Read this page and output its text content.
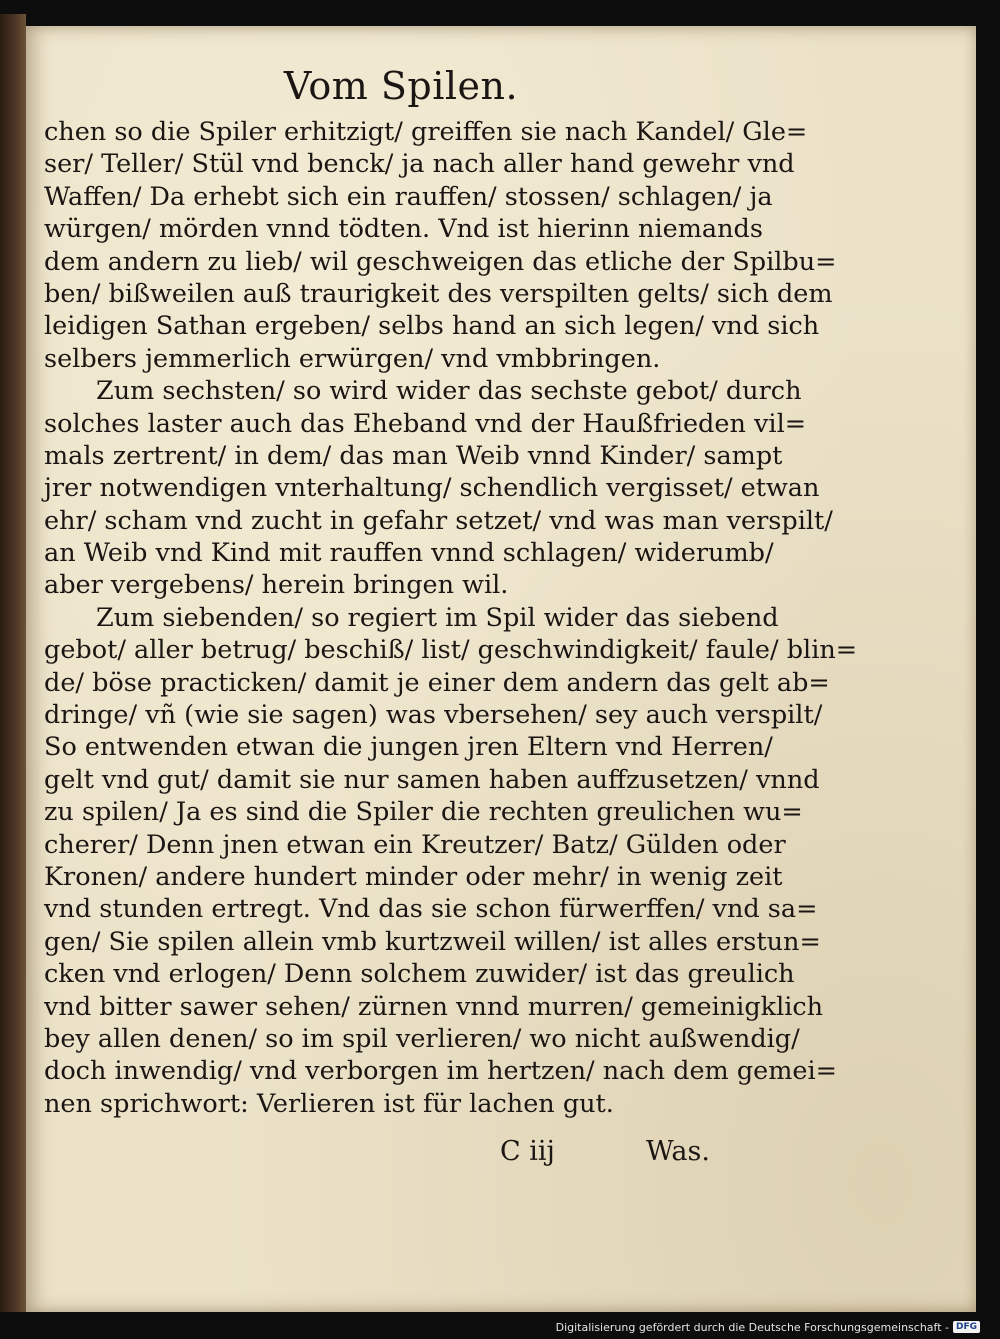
Vom Spilen.
chen so die Spiler erhitzigt/ greiffen sie nach Kandel/ Gle=
ser/ Teller/ Stül vnd benck/ ja nach aller hand gewehr vnd
Waffen/ Da erhebt sich ein rauffen/ stossen/ schlagen/ ja
würgen/ mörden vnnd tödten. Vnd ist hierinn niemands
dem andern zu lieb/ wil geschweigen das etliche der Spilbu=
ben/ bißweilen auß traurigkeit des verspilten gelts/ sich dem
leidigen Sathan ergeben/ selbs hand an sich legen/ vnd sich
selbers jemmerlich erwürgen/ vnd vmbbringen.
Zum sechsten/ so wird wider das sechste gebot/ durch
solches laster auch das Eheband vnd der Haußfrieden vil=
mals zertrent/ in dem/ das man Weib vnnd Kinder/ sampt
jrer notwendigen vnterhaltung/ schendlich vergisset/ etwan
ehr/ scham vnd zucht in gefahr setzet/ vnd was man verspilt/
an Weib vnd Kind mit rauffen vnnd schlagen/ widerumb/
aber vergebens/ herein bringen wil.
Zum siebenden/ so regiert im Spil wider das siebend
gebot/ aller betrug/ beschiß/ list/ geschwindigkeit/ faule/ blin=
de/ böse practicken/ damit je einer dem andern das gelt ab=
dringe/ vñ (wie sie sagen) was vbersehen/ sey auch verspilt/
So entwenden etwan die jungen jren Eltern vnd Herren/
gelt vnd gut/ damit sie nur samen haben auffzusetzen/ vnnd
zu spilen/ Ja es sind die Spiler die rechten greulichen wu=
cherer/ Denn jnen etwan ein Kreutzer/ Batz/ Gülden oder
Kronen/ andere hundert minder oder mehr/ in wenig zeit
vnd stunden ertregt. Vnd das sie schon fürwerffen/ vnd sa=
gen/ Sie spilen allein vmb kurtzweil willen/ ist alles erstun=
cken vnd erlogen/ Denn solchem zuwider/ ist das greulich
vnd bitter sawer sehen/ zürnen vnnd murren/ gemeinigklich
bey allen denen/ so im spil verlieren/ wo nicht außwendig/
doch inwendig/ vnd verborgen im hertzen/ nach dem gemei=
nen sprichwort: Verlieren ist für lachen gut.
C iij	Was.
Digitalisierung gefördert durch die Deutsche Forschungsgemeinschaft - DFG
